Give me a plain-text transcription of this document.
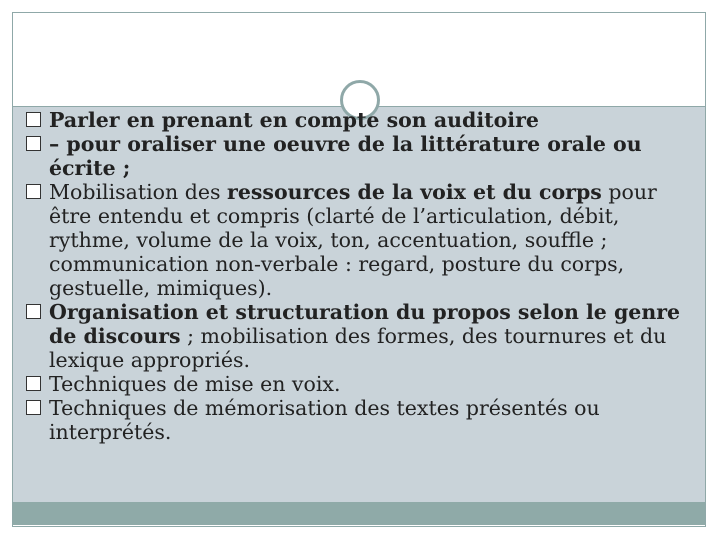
Parler en prenant en compte son auditoire
– pour oraliser une oeuvre de la littérature orale ou écrite ;
Mobilisation des ressources de la voix et du corps pour être entendu et compris (clarté de l’articulation, débit, rythme, volume de la voix, ton, accentuation, souffle ; communication non-verbale : regard, posture du corps, gestuelle, mimiques).
Organisation et structuration du propos selon le genre de discours ; mobilisation des formes, des tournures et du lexique appropriés.
Techniques de mise en voix.
Techniques de mémorisation des textes présentés ou interprétés.
